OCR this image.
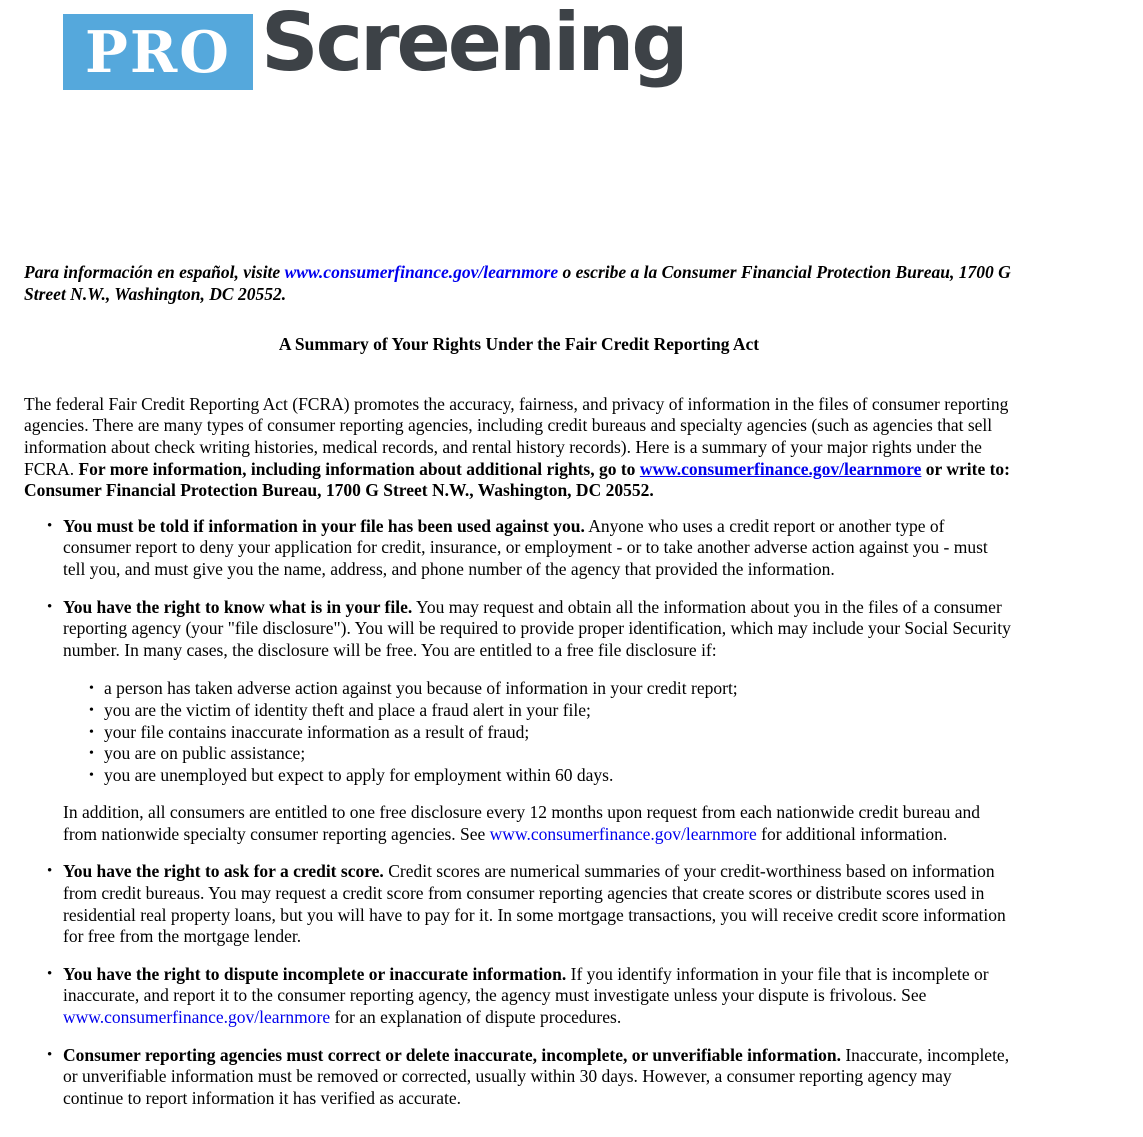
PRO Screening

Para información en español, visite www.consumerfinance.gov/learnmore o escribe a la Consumer Financial Protection Bureau, 1700 G Street N.W., Washington, DC 20552.

A Summary of Your Rights Under the Fair Credit Reporting Act

The federal Fair Credit Reporting Act (FCRA) promotes the accuracy, fairness, and privacy of information in the files of consumer reporting agencies. There are many types of consumer reporting agencies, including credit bureaus and specialty agencies (such as agencies that sell information about check writing histories, medical records, and rental history records). Here is a summary of your major rights under the FCRA. For more information, including information about additional rights, go to www.consumerfinance.gov/learnmore or write to: Consumer Financial Protection Bureau, 1700 G Street N.W., Washington, DC 20552.

• You must be told if information in your file has been used against you. Anyone who uses a credit report or another type of consumer report to deny your application for credit, insurance, or employment - or to take another adverse action against you - must tell you, and must give you the name, address, and phone number of the agency that provided the information.
• You have the right to know what is in your file. You may request and obtain all the information about you in the files of a consumer reporting agency (your "file disclosure"). You will be required to provide proper identification, which may include your Social Security number. In many cases, the disclosure will be free. You are entitled to a free file disclosure if:
• a person has taken adverse action against you because of information in your credit report;
• you are the victim of identity theft and place a fraud alert in your file;
• your file contains inaccurate information as a result of fraud;
• you are on public assistance;
• you are unemployed but expect to apply for employment within 60 days.

In addition, all consumers are entitled to one free disclosure every 12 months upon request from each nationwide credit bureau and from nationwide specialty consumer reporting agencies. See www.consumerfinance.gov/learnmore for additional information.

• You have the right to ask for a credit score. Credit scores are numerical summaries of your credit-worthiness based on information from credit bureaus. You may request a credit score from consumer reporting agencies that create scores or distribute scores used in residential real property loans, but you will have to pay for it. In some mortgage transactions, you will receive credit score information for free from the mortgage lender.
• You have the right to dispute incomplete or inaccurate information. If you identify information in your file that is incomplete or inaccurate, and report it to the consumer reporting agency, the agency must investigate unless your dispute is frivolous. See www.consumerfinance.gov/learnmore for an explanation of dispute procedures.
• Consumer reporting agencies must correct or delete inaccurate, incomplete, or unverifiable information. Inaccurate, incomplete, or unverifiable information must be removed or corrected, usually within 30 days. However, a consumer reporting agency may continue to report information it has verified as accurate.
